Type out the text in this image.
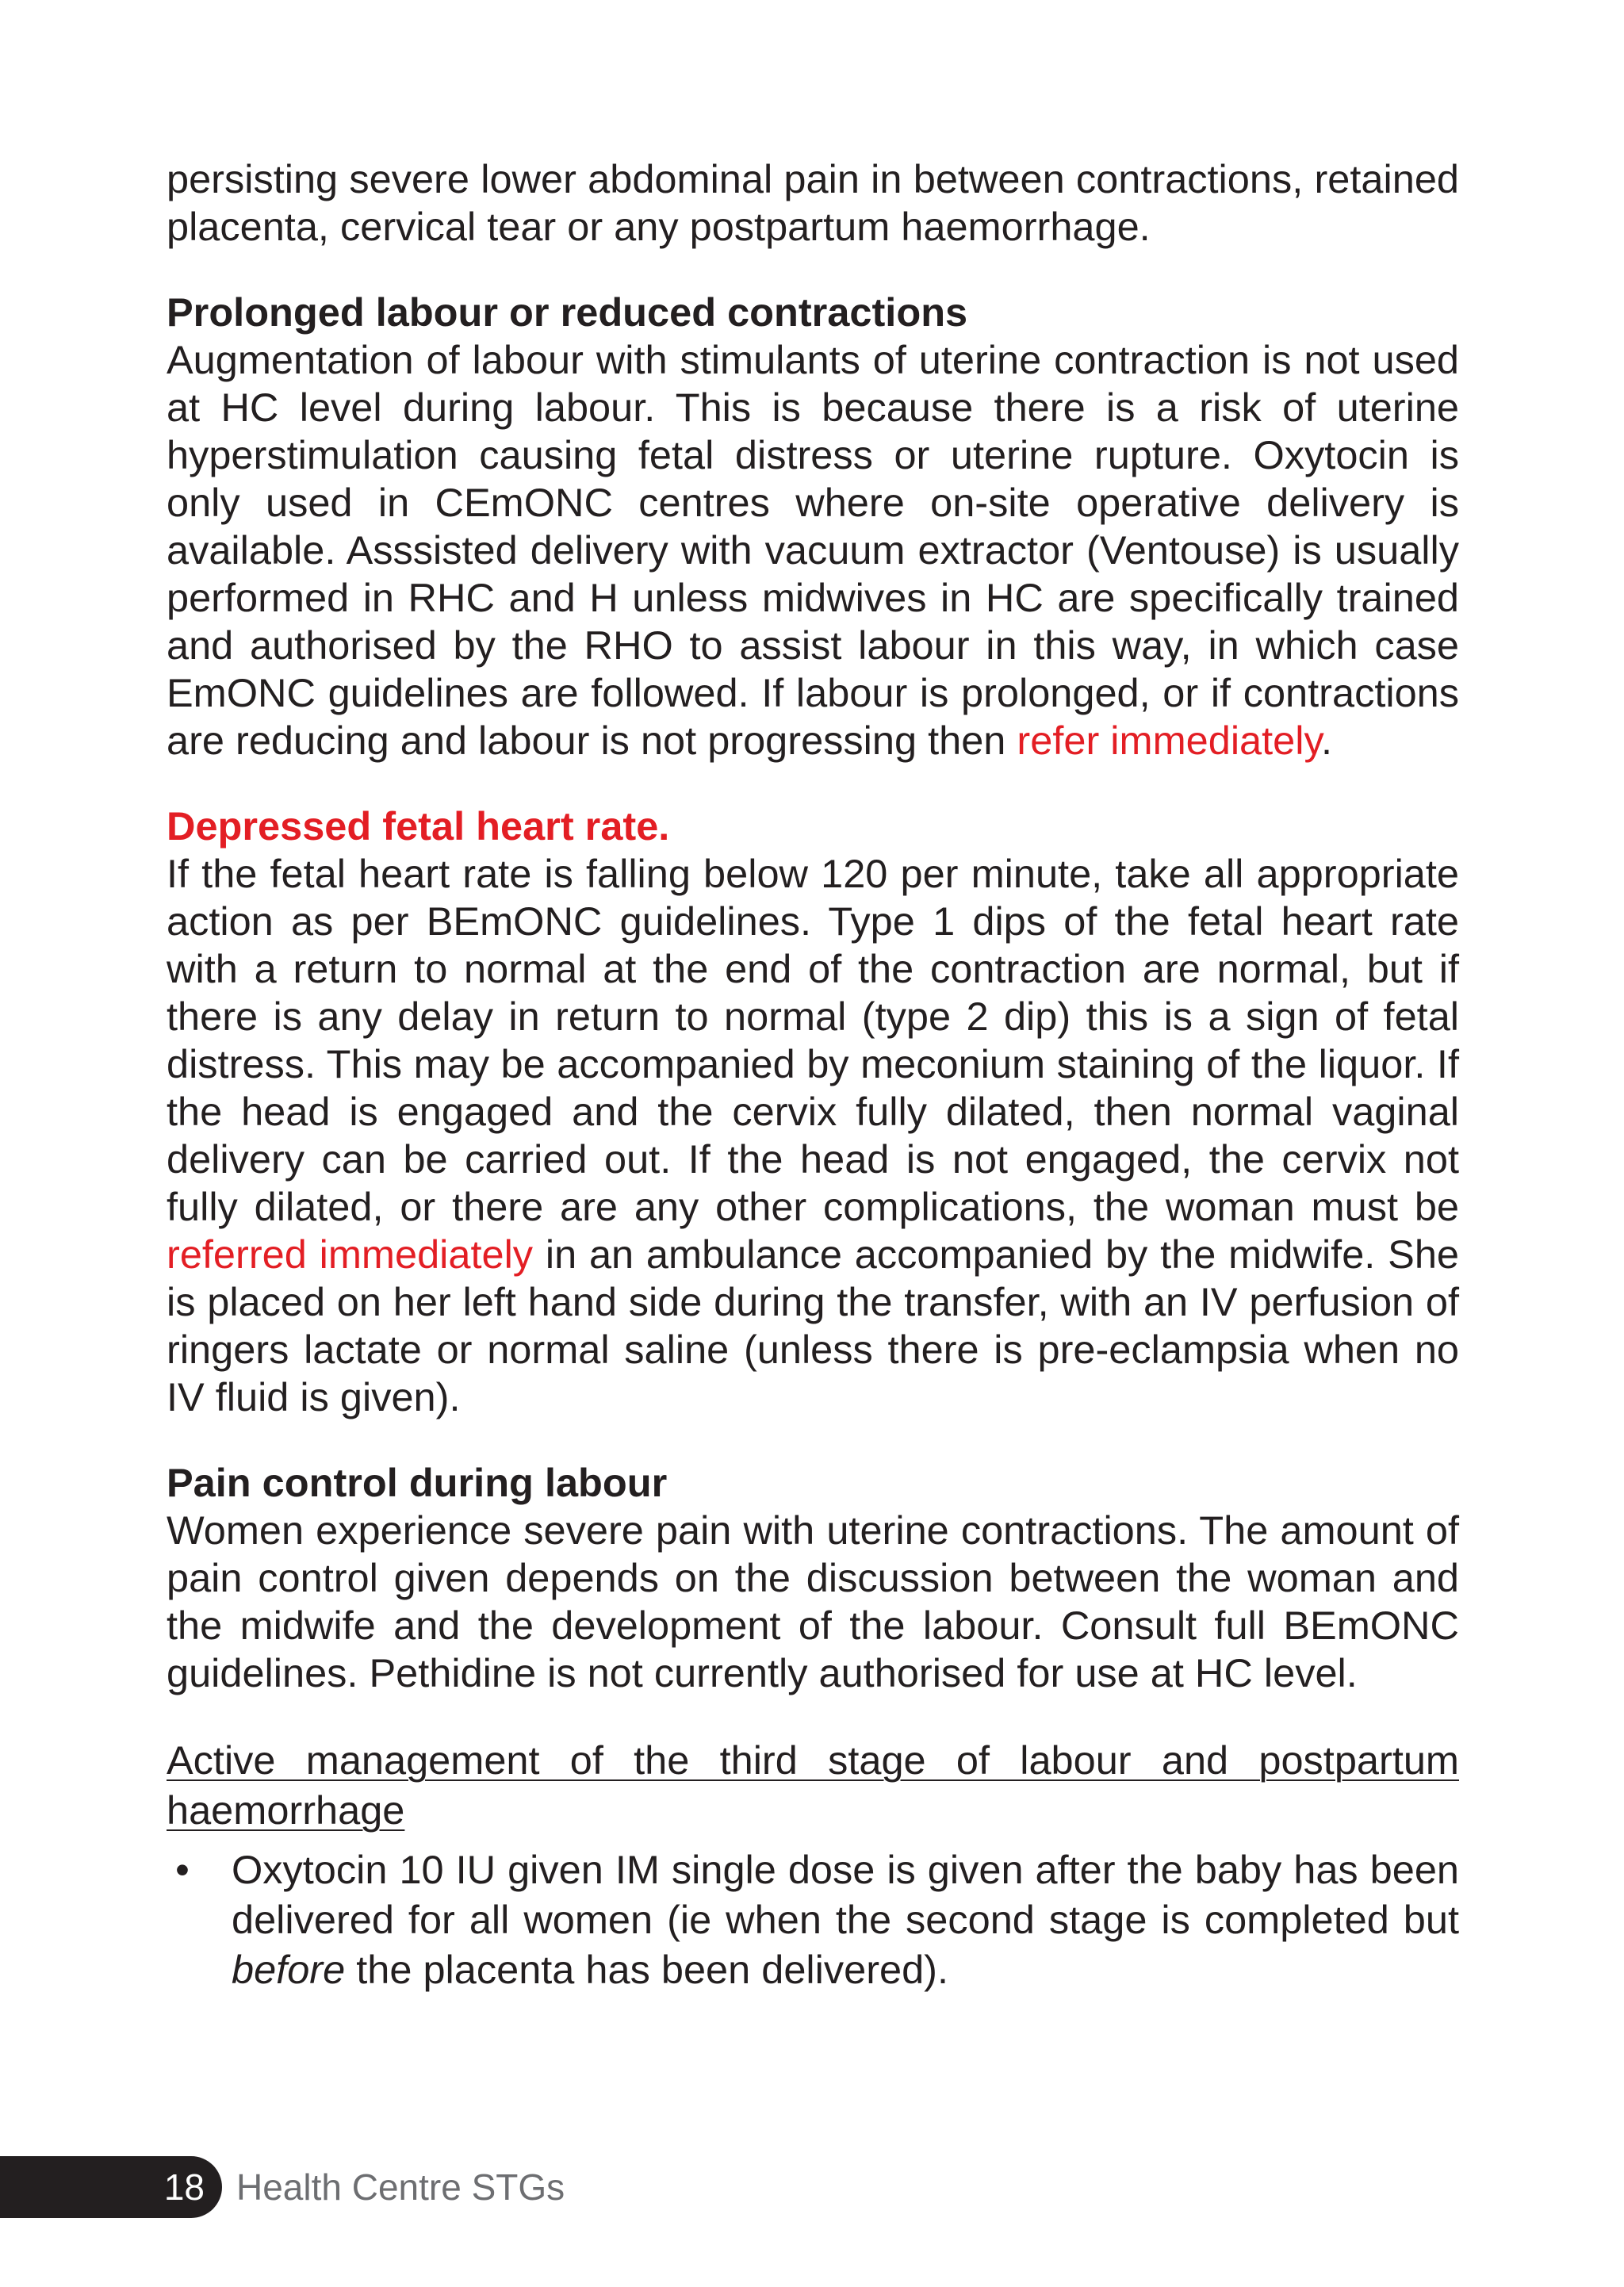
persisting severe lower abdominal pain in between contractions, retained placenta, cervical tear or any postpartum haemorrhage.

Prolonged labour or reduced contractions

Augmentation of labour with stimulants of uterine contraction is not used at HC level during labour. This is because there is a risk of uterine hyperstimulation causing fetal distress or uterine rupture. Oxytocin is only used in CEmONC centres where on-site operative delivery is available. Asssisted delivery with vacuum extractor (Ventouse) is usually performed in RHC and H unless midwives in HC are specifically trained and authorised by the RHO to assist labour in this way, in which case EmONC guidelines are followed. If labour is prolonged, or if contractions are reducing and labour is not progressing then refer immediately.

Depressed fetal heart rate.

If the fetal heart rate is falling below 120 per minute, take all appropriate action as per BEmONC guidelines. Type 1 dips of the fetal heart rate with a return to normal at the end of the contraction are normal, but if there is any delay in return to normal (type 2 dip) this is a sign of fetal distress. This may be accompanied by meconium staining of the liquor. If the head is engaged and the cervix fully dilated, then normal vaginal delivery can be carried out. If the head is not engaged, the cervix not fully dilated, or there are any other complications, the woman must be referred immediately in an ambulance accompanied by the midwife. She is placed on her left hand side during the transfer, with an IV perfusion of ringers lactate or normal saline (unless there is pre-eclampsia when no IV fluid is given).

Pain control during labour

Women experience severe pain with uterine contractions. The amount of pain control given depends on the discussion between the woman and the midwife and the development of the labour. Consult full BEmONC guidelines. Pethidine is not currently authorised for use at HC level.

Active management of the third stage of labour and postpartum haemorrhage

• Oxytocin 10 IU given IM single dose is given after the baby has been delivered for all women (ie when the second stage is completed but before the placenta has been delivered).
18 Health Centre STGs
